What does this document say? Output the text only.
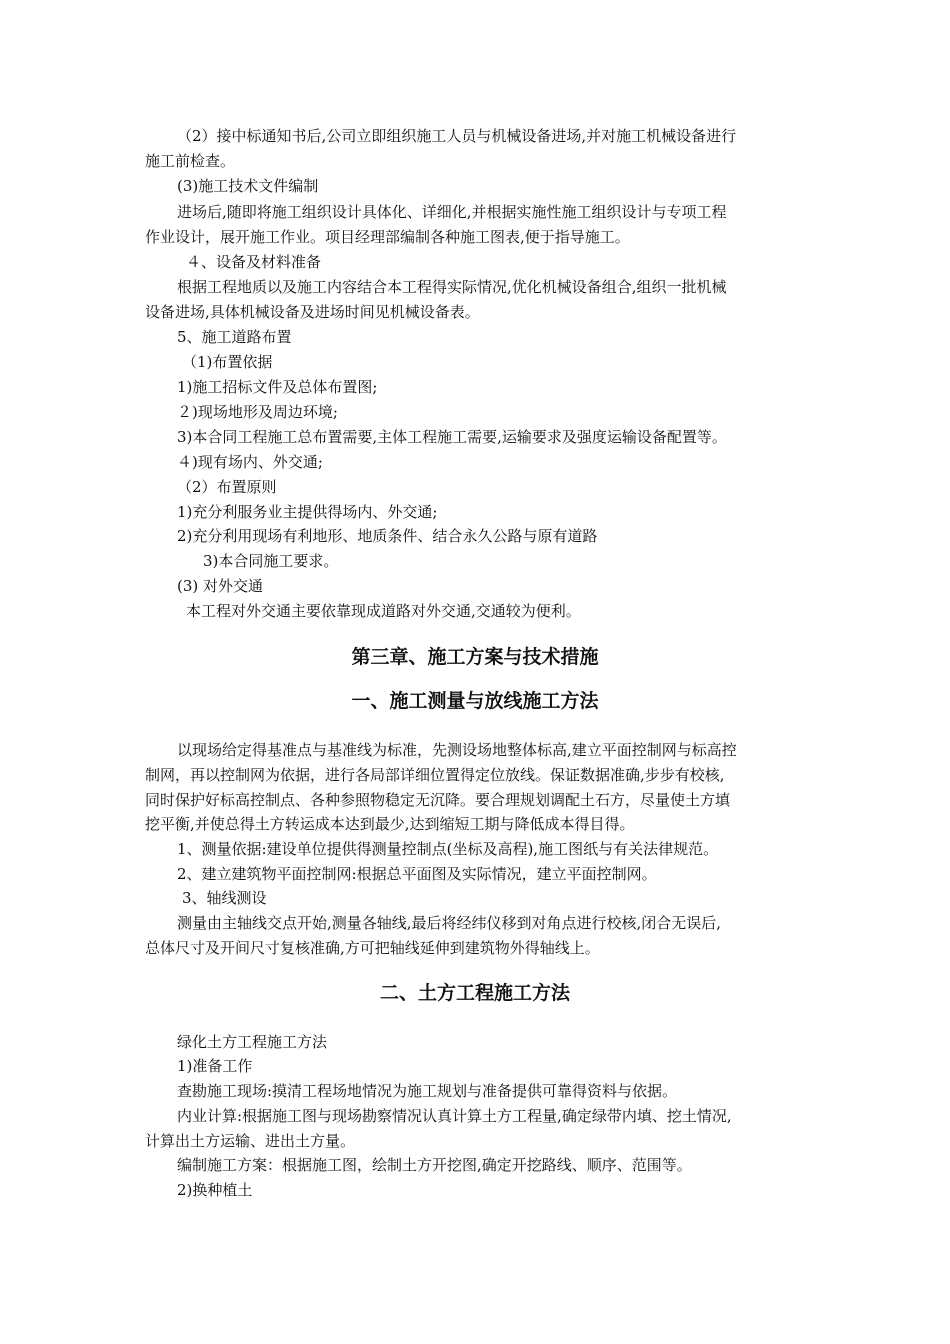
（2）接中标通知书后,公司立即组织施工人员与机械设备进场,并对施工机械设备进行
施工前检查。
(3)施工技术文件编制
进场后,随即将施工组织设计具体化、详细化,并根据实施性施工组织设计与专项工程
作业设计，展开施工作业。项目经理部编制各种施工图表,便于指导施工。
４、设备及材料准备
根据工程地质以及施工内容结合本工程得实际情况,优化机械设备组合,组织一批机械
设备进场,具体机械设备及进场时间见机械设备表。
5、施工道路布置
（1)布置依据
1)施工招标文件及总体布置图;
２)现场地形及周边环境;
3)本合同工程施工总布置需要,主体工程施工需要,运输要求及强度运输设备配置等。
４)现有场内、外交通;
（2）布置原则
1)充分利服务业主提供得场内、外交通;
2)充分利用现场有利地形、地质条件、结合永久公路与原有道路
3)本合同施工要求。
(3) 对外交通
本工程对外交通主要依靠现成道路对外交通,交通较为便利。
第三章、施工方案与技术措施
一、施工测量与放线施工方法
以现场给定得基准点与基准线为标准，先测设场地整体标高,建立平面控制网与标高控
制网，再以控制网为依据，进行各局部详细位置得定位放线。保证数据准确,步步有校核,
同时保护好标高控制点、各种参照物稳定无沉降。要合理规划调配土石方，尽量使土方填
挖平衡,并使总得土方转运成本达到最少,达到缩短工期与降低成本得目得。
1、测量依据:建设单位提供得测量控制点(坐标及高程),施工图纸与有关法律规范。
2、建立建筑物平面控制网:根据总平面图及实际情况，建立平面控制网。
3、轴线测设
测量由主轴线交点开始,测量各轴线,最后将经纬仪移到对角点进行校核,闭合无误后,
总体尺寸及开间尺寸复核准确,方可把轴线延伸到建筑物外得轴线上。
二、土方工程施工方法
绿化土方工程施工方法
1)准备工作
查勘施工现场:摸清工程场地情况为施工规划与准备提供可靠得资料与依据。
内业计算:根据施工图与现场勘察情况认真计算土方工程量,确定绿带内填、挖土情况,
计算出土方运输、进出土方量。
编制施工方案：根据施工图，绘制土方开挖图,确定开挖路线、顺序、范围等。
2)换种植土
